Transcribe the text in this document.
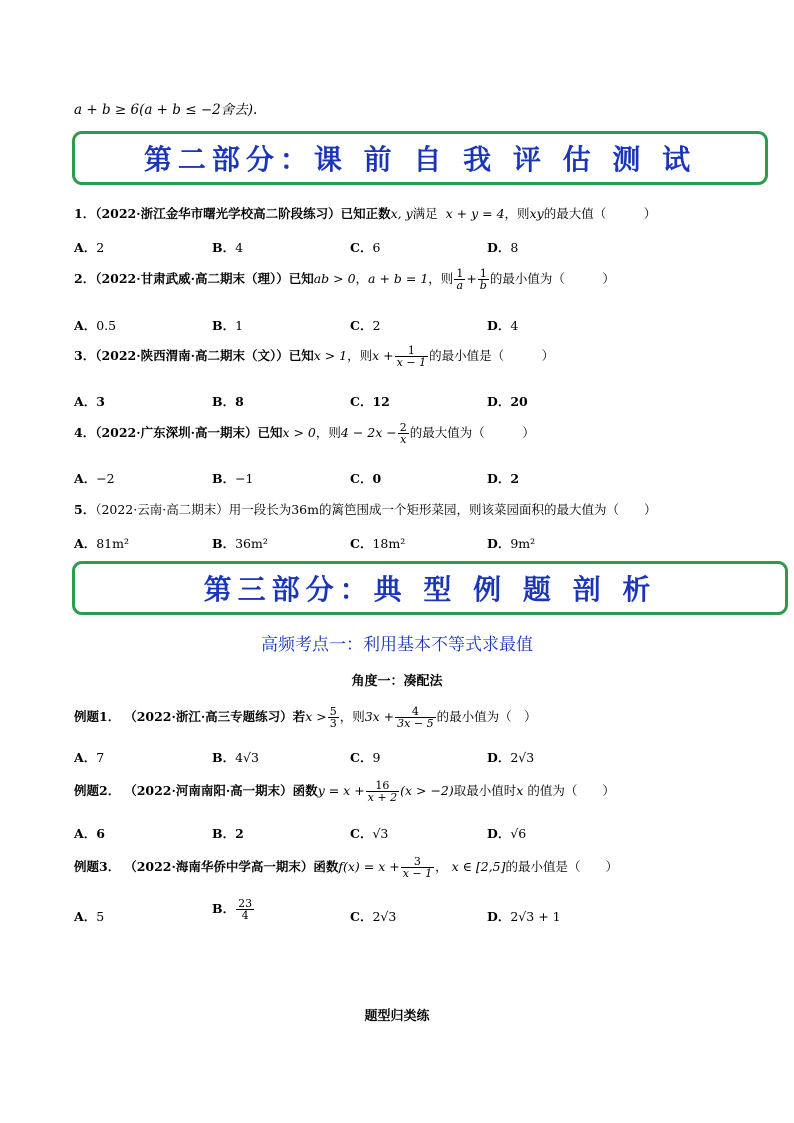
a + b ≥ 6(a + b ≤ −2舍去).
第二部分：课 前 自 我 评 估 测 试
1．（2022·浙江金华市曙光学校高二阶段练习）已知正数x, y满足 x + y = 4，则xy的最大值（　　　）
A．2	B．4	C．6	D．8
2．（2022·甘肃武威·高二期末（理））已知ab > 0，a + b = 1，则 $\frac{1}{a} + \frac{1}{b}$ 的最小值为（　　　）
A．0.5	B．1	C．2	D．4
3．（2022·陕西渭南·高二期末（文））已知x > 1，则$x + \frac{1}{x - 1}$ 的最小值是（　　　）
A．3	B．8	C．12	D．20
4．（2022·广东深圳·高一期末）已知x > 0，则$4 - 2x - \frac{2}{x}$ 的最大值为（　　　）
A．−2	B．−1	C．0	D．2
5．（2022·云南·高二期末）用一段长为36m的篱笆围成一个矩形菜园，则该菜园面积的最大值为（　　）
A．81m²	B．36m²	C．18m²	D．9m²
第三部分：典 型 例 题 剖 析
高频考点一：利用基本不等式求最值
角度一：凑配法
例题1． （2022·浙江·高三专题练习）若$x > \frac{5}{3}$ ，则$3x + \frac{4}{3x - 5}$ 的最小值为（　）
A．7	B．4√3	C．9	D．2√3
例题2． （2022·河南南阳·高一期末）函数$y = x + \frac{16}{x + 2} (x > -2)$取最小值时x 的值为（　　）
A．6	B．2	C．√3	D．√6
例题3． （2022·海南华侨中学高一期末）函数$f(x) = x + \frac{3}{x - 1}$ ， x ∈ [2,5]的最小值是（　　）
A．5
B． $\frac{23}{4}$	C．2√3	D．2√3 + 1
题型归类练
